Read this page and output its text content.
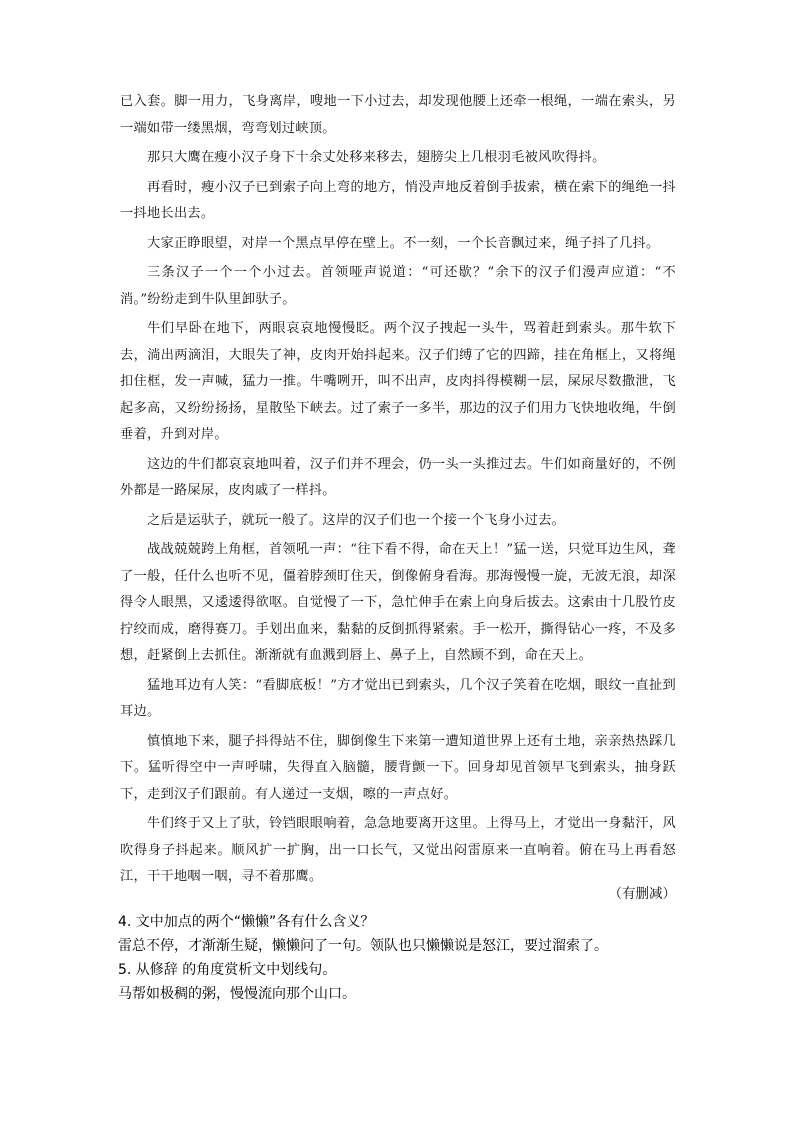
已入套。脚一用力，飞身离岸，嗖地一下小过去，却发现他腰上还牵一根绳，一端在索头，另一端如带一缕黑烟，弯弯划过峡顶。

那只大鹰在瘦小汉子身下十余丈处移来移去，翅膀尖上几根羽毛被风吹得抖。

再看时，瘦小汉子已到索子向上弯的地方，悄没声地反着倒手拔索，横在索下的绳绝一抖一抖地长出去。

大家正睁眼望，对岸一个黑点早停在壁上。不一刻，一个长音飘过来，绳子抖了几抖。

三条汉子一个一个小过去。首领哑声说道：“可还歇？”余下的汉子们漫声应道：“不消。”纷纷走到牛队里卸驮子。

牛们早卧在地下，两眼哀哀地慢慢眨。两个汉子拽起一头牛，骂着赶到索头。那牛软下去，淌出两滴泪，大眼失了神，皮肉开始抖起来。汉子们缚了它的四蹄，挂在角框上，又将绳扣住框，发一声喊，猛力一推。牛嘴咧开，叫不出声，皮肉抖得模糊一层，屎尿尽数撒泄，飞起多高，又纷纷扬扬，星散坠下峡去。过了索子一多半，那边的汉子们用力飞快地收绳，牛倒垂着，升到对岸。

这边的牛们都哀哀地叫着，汉子们并不理会，仍一头一头推过去。牛们如商量好的，不例外都是一路屎尿，皮肉戚了一样抖。

之后是运驮子，就玩一般了。这岸的汉子们也一个接一个飞身小过去。

战战兢兢跨上角框，首领吼一声：“往下看不得，命在天上！”猛一送，只觉耳边生风，聋了一般，任什么也听不见，僵着脖颈盯住天，倒像俯身看海。那海慢慢一旋，无波无浪，却深得令人眼黑，又逶逶得欲呕。自觉慢了一下，急忙伸手在索上向身后拔去。这索由十几股竹皮拧绞而成，磨得赛刀。手划出血来，黏黏的反倒抓得紧索。手一松开，撕得钻心一疼，不及多想，赶紧倒上去抓住。渐渐就有血溅到唇上、鼻子上，自然顾不到，命在天上。

猛地耳边有人笑：“看脚底板！”方才觉出已到索头，几个汉子笑着在吃烟，眼纹一直扯到耳边。

慎慎地下来，腿子抖得站不住，脚倒像生下来第一遭知道世界上还有土地，亲亲热热踩几下。猛听得空中一声呼啸，失得直入脑髓，腰背颤一下。回身却见首领早飞到索头，抽身跃下，走到汉子们跟前。有人递过一支烟，嚓的一声点好。

牛们终于又上了驮，铃铛眼眼响着，急急地要离开这里。上得马上，才觉出一身黏汗，风吹得身子抖起来。顺风扩一扩胸，出一口长气，又觉出闷雷原来一直响着。俯在马上再看怒江，干干地咽一咽，寻不着那鹰。

（有删减）

4. 文中加点的两个“懒懒”各有什么含义？

雷总不停，才渐渐生疑，懒懒问了一句。领队也只懒懒说是怒江，要过溜索了。

5. 从修辞 的角度赏析文中划线句。

马帮如极稠的粥，慢慢流向那个山口。
